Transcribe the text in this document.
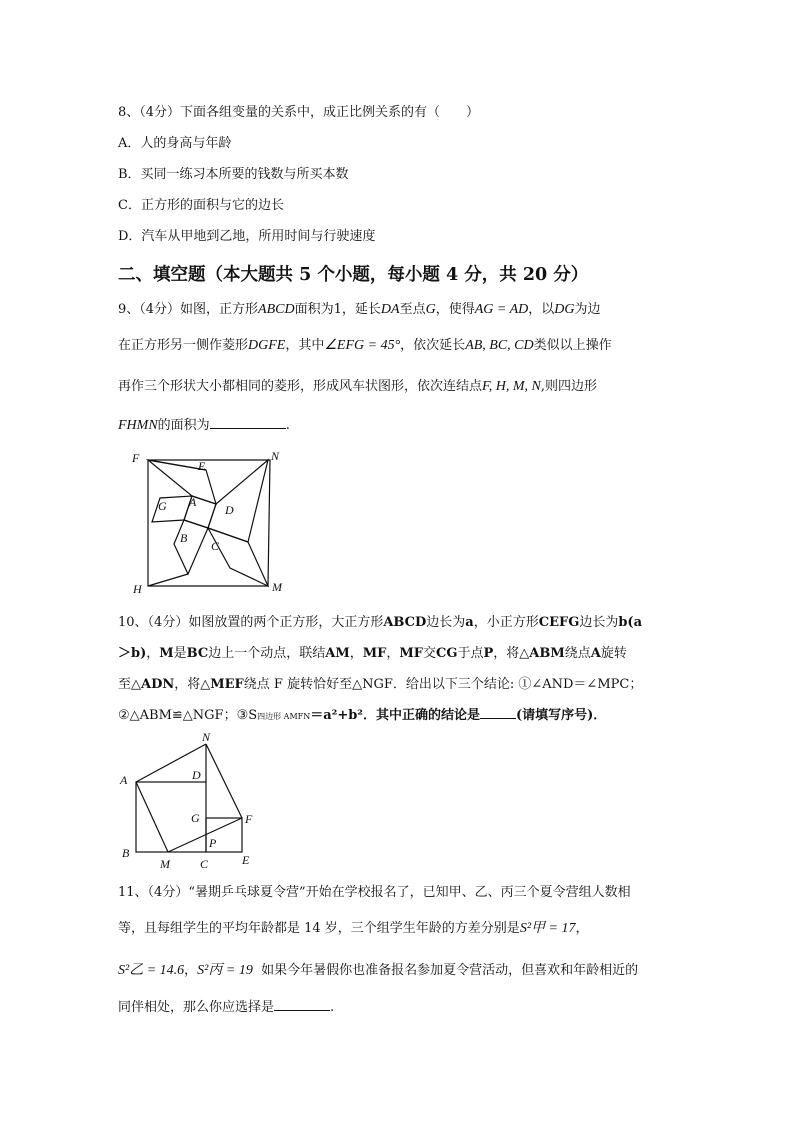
8、（4分）下面各组变量的关系中，成正比例关系的有（　　）
A．人的身高与年龄
B．买同一练习本所要的钱数与所买本数
C．正方形的面积与它的边长
D．汽车从甲地到乙地，所用时间与行驶速度
二、填空题（本大题共 5 个小题，每小题 4 分，共 20 分）
9、（4分）如图，正方形ABCD面积为1，延长DA至点G，使得AG = AD，以DG为边
在正方形另一侧作菱形DGFE，其中∠EFG = 45°，依次延长AB, BC, CD类似以上操作
再作三个形状大小都相同的菱形，形成风车状图形，依次连结点F, H, M, N,则四边形
FHMN的面积为	.
F
E
N
G A
D
B
C
H	M
10、（4分）如图放置的两个正方形，大正方形ABCD边长为a，小正方形CEFG边长为b(a
＞b)，M是BC边上一个动点，联结AM，MF，MF交CG于点P，将△ABM绕点A旋转
至△ADN，将△MEF绕点 F 旋转恰好至△NGF．给出以下三个结论: ①∠AND＝∠MPC；
②△ABM≌△NGF；③S四边形 AMFN＝a²+b²．其中正确的结论是	(请填写序号)．
N
A	D
G	F
P
B
M	C	E
11、（4分）“暑期乒乓球夏令营”开始在学校报名了，已知甲、乙、丙三个夏令营组人数相
等，且每组学生的平均年龄都是 14 岁，三个组学生年龄的方差分别是S²甲 = 17，
S²乙 = 14.6，S²丙 = 19 如果今年暑假你也准备报名参加夏令营活动，但喜欢和年龄相近的
同伴相处，那么你应选择是	.
